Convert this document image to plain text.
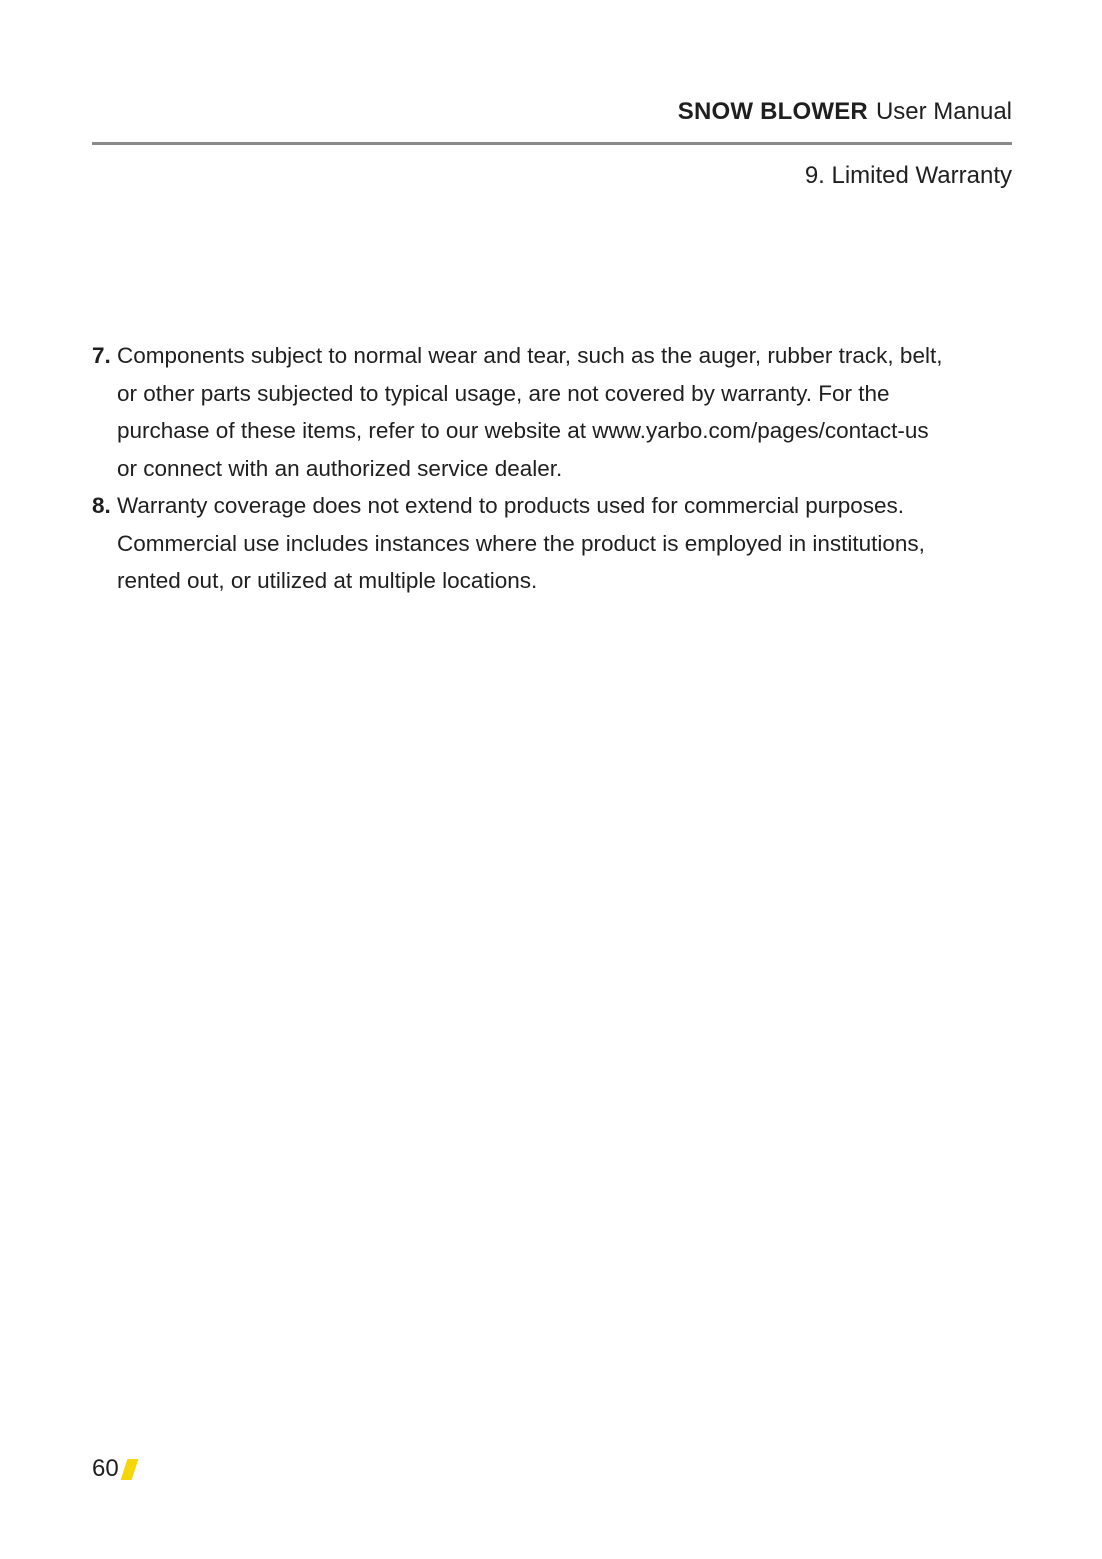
SNOW BLOWER User Manual
9. Limited Warranty
7. Components subject to normal wear and tear, such as the auger, rubber track, belt, or other parts subjected to typical usage, are not covered by warranty. For the purchase of these items, refer to our website at www.yarbo.com/pages/contact-us or connect with an authorized service dealer.
8. Warranty coverage does not extend to products used for commercial purposes. Commercial use includes instances where the product is employed in institutions, rented out, or utilized at multiple locations.
60
